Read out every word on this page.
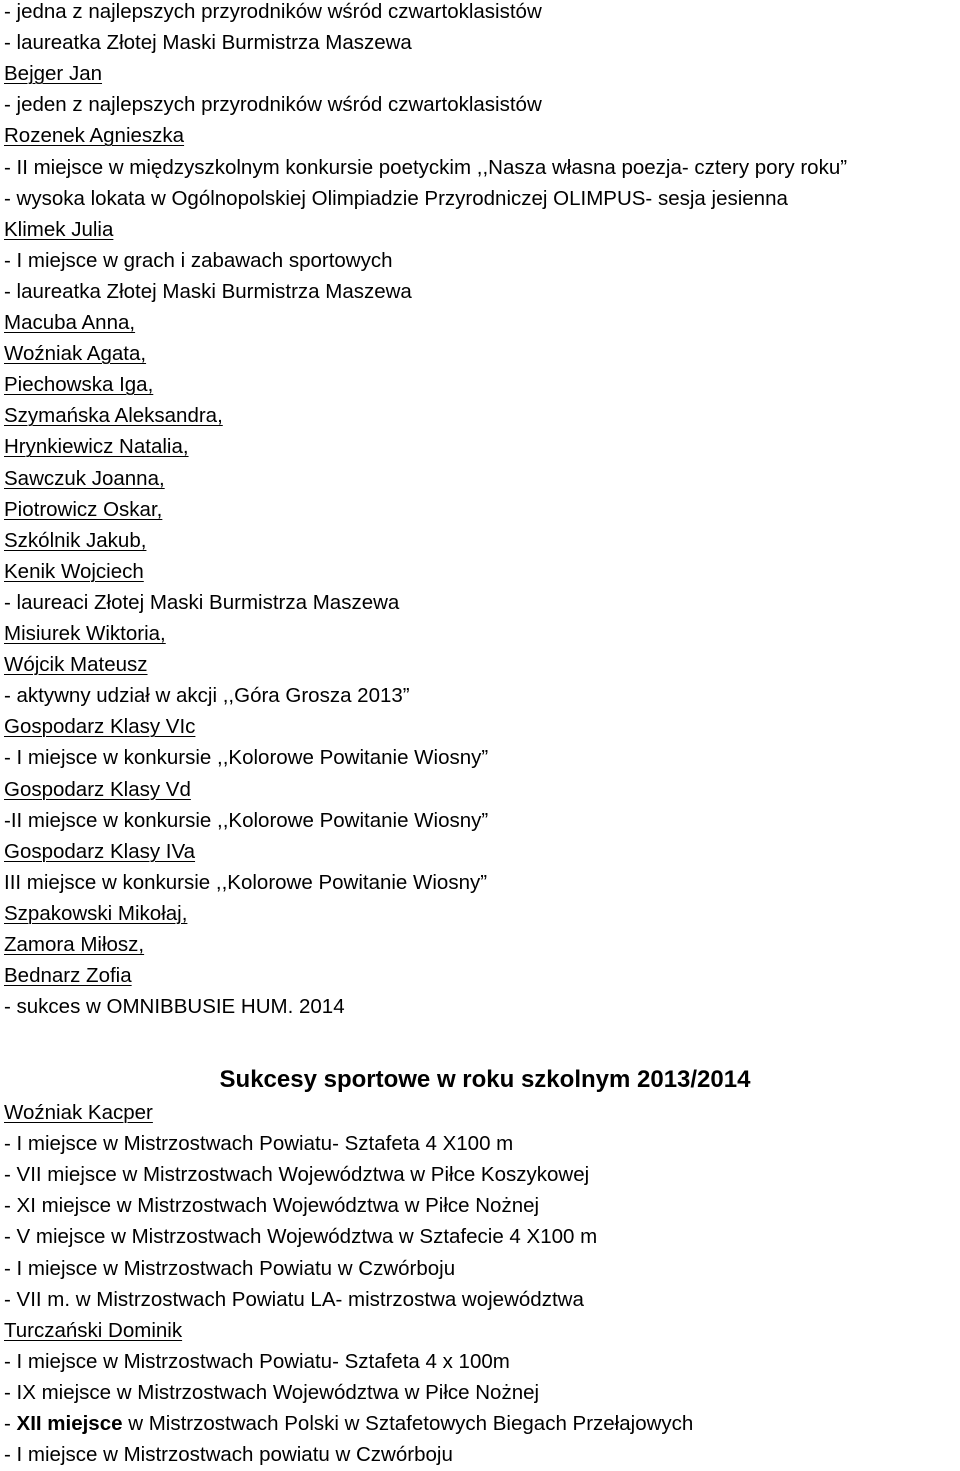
- jedna z najlepszych przyrodników wśród czwartoklasistów
- laureatka Złotej Maski Burmistrza Maszewa
Bejger Jan
- jeden z najlepszych przyrodników wśród czwartoklasistów
Rozenek Agnieszka
- II miejsce w międzyszkolnym konkursie poetyckim ,,Nasza własna poezja- cztery pory roku”
- wysoka lokata w Ogólnopolskiej Olimpiadzie Przyrodniczej OLIMPUS- sesja jesienna
Klimek Julia
- I miejsce w grach i zabawach sportowych
- laureatka Złotej Maski Burmistrza Maszewa
Macuba Anna,
Woźniak Agata,
Piechowska Iga,
Szymańska Aleksandra,
Hrynkiewicz Natalia,
Sawczuk Joanna,
Piotrowicz Oskar,
Szkólnik Jakub,
Kenik Wojciech
- laureaci Złotej Maski Burmistrza Maszewa
Misiurek Wiktoria,
Wójcik Mateusz
- aktywny udział w akcji ,,Góra Grosza 2013”
Gospodarz Klasy VIc
- I miejsce w konkursie ,,Kolorowe Powitanie Wiosny”
Gospodarz Klasy Vd
-II miejsce w konkursie ,,Kolorowe Powitanie Wiosny”
Gospodarz Klasy IVa
III miejsce w konkursie ,,Kolorowe Powitanie Wiosny”
Szpakowski Mikołaj,
Zamora Miłosz,
Bednarz Zofia
- sukces w OMNIBBUSIE HUM. 2014
Sukcesy sportowe w roku szkolnym 2013/2014
Woźniak Kacper
- I miejsce w Mistrzostwach Powiatu- Sztafeta 4 X100 m
- VII miejsce w Mistrzostwach Województwa w Piłce Koszykowej
- XI miejsce w Mistrzostwach Województwa w Piłce Nożnej
- V miejsce w Mistrzostwach Województwa w Sztafecie 4 X100 m
- I miejsce w Mistrzostwach Powiatu w Czwórboju
- VII m. w Mistrzostwach Powiatu LA- mistrzostwa województwa
Turczański Dominik
- I miejsce w Mistrzostwach Powiatu- Sztafeta 4 x 100m
- IX miejsce w Mistrzostwach Województwa w Piłce Nożnej
- XII miejsce w Mistrzostwach Polski w Sztafetowych Biegach Przełajowych
- I miejsce w Mistrzostwach powiatu w Czwórboju
